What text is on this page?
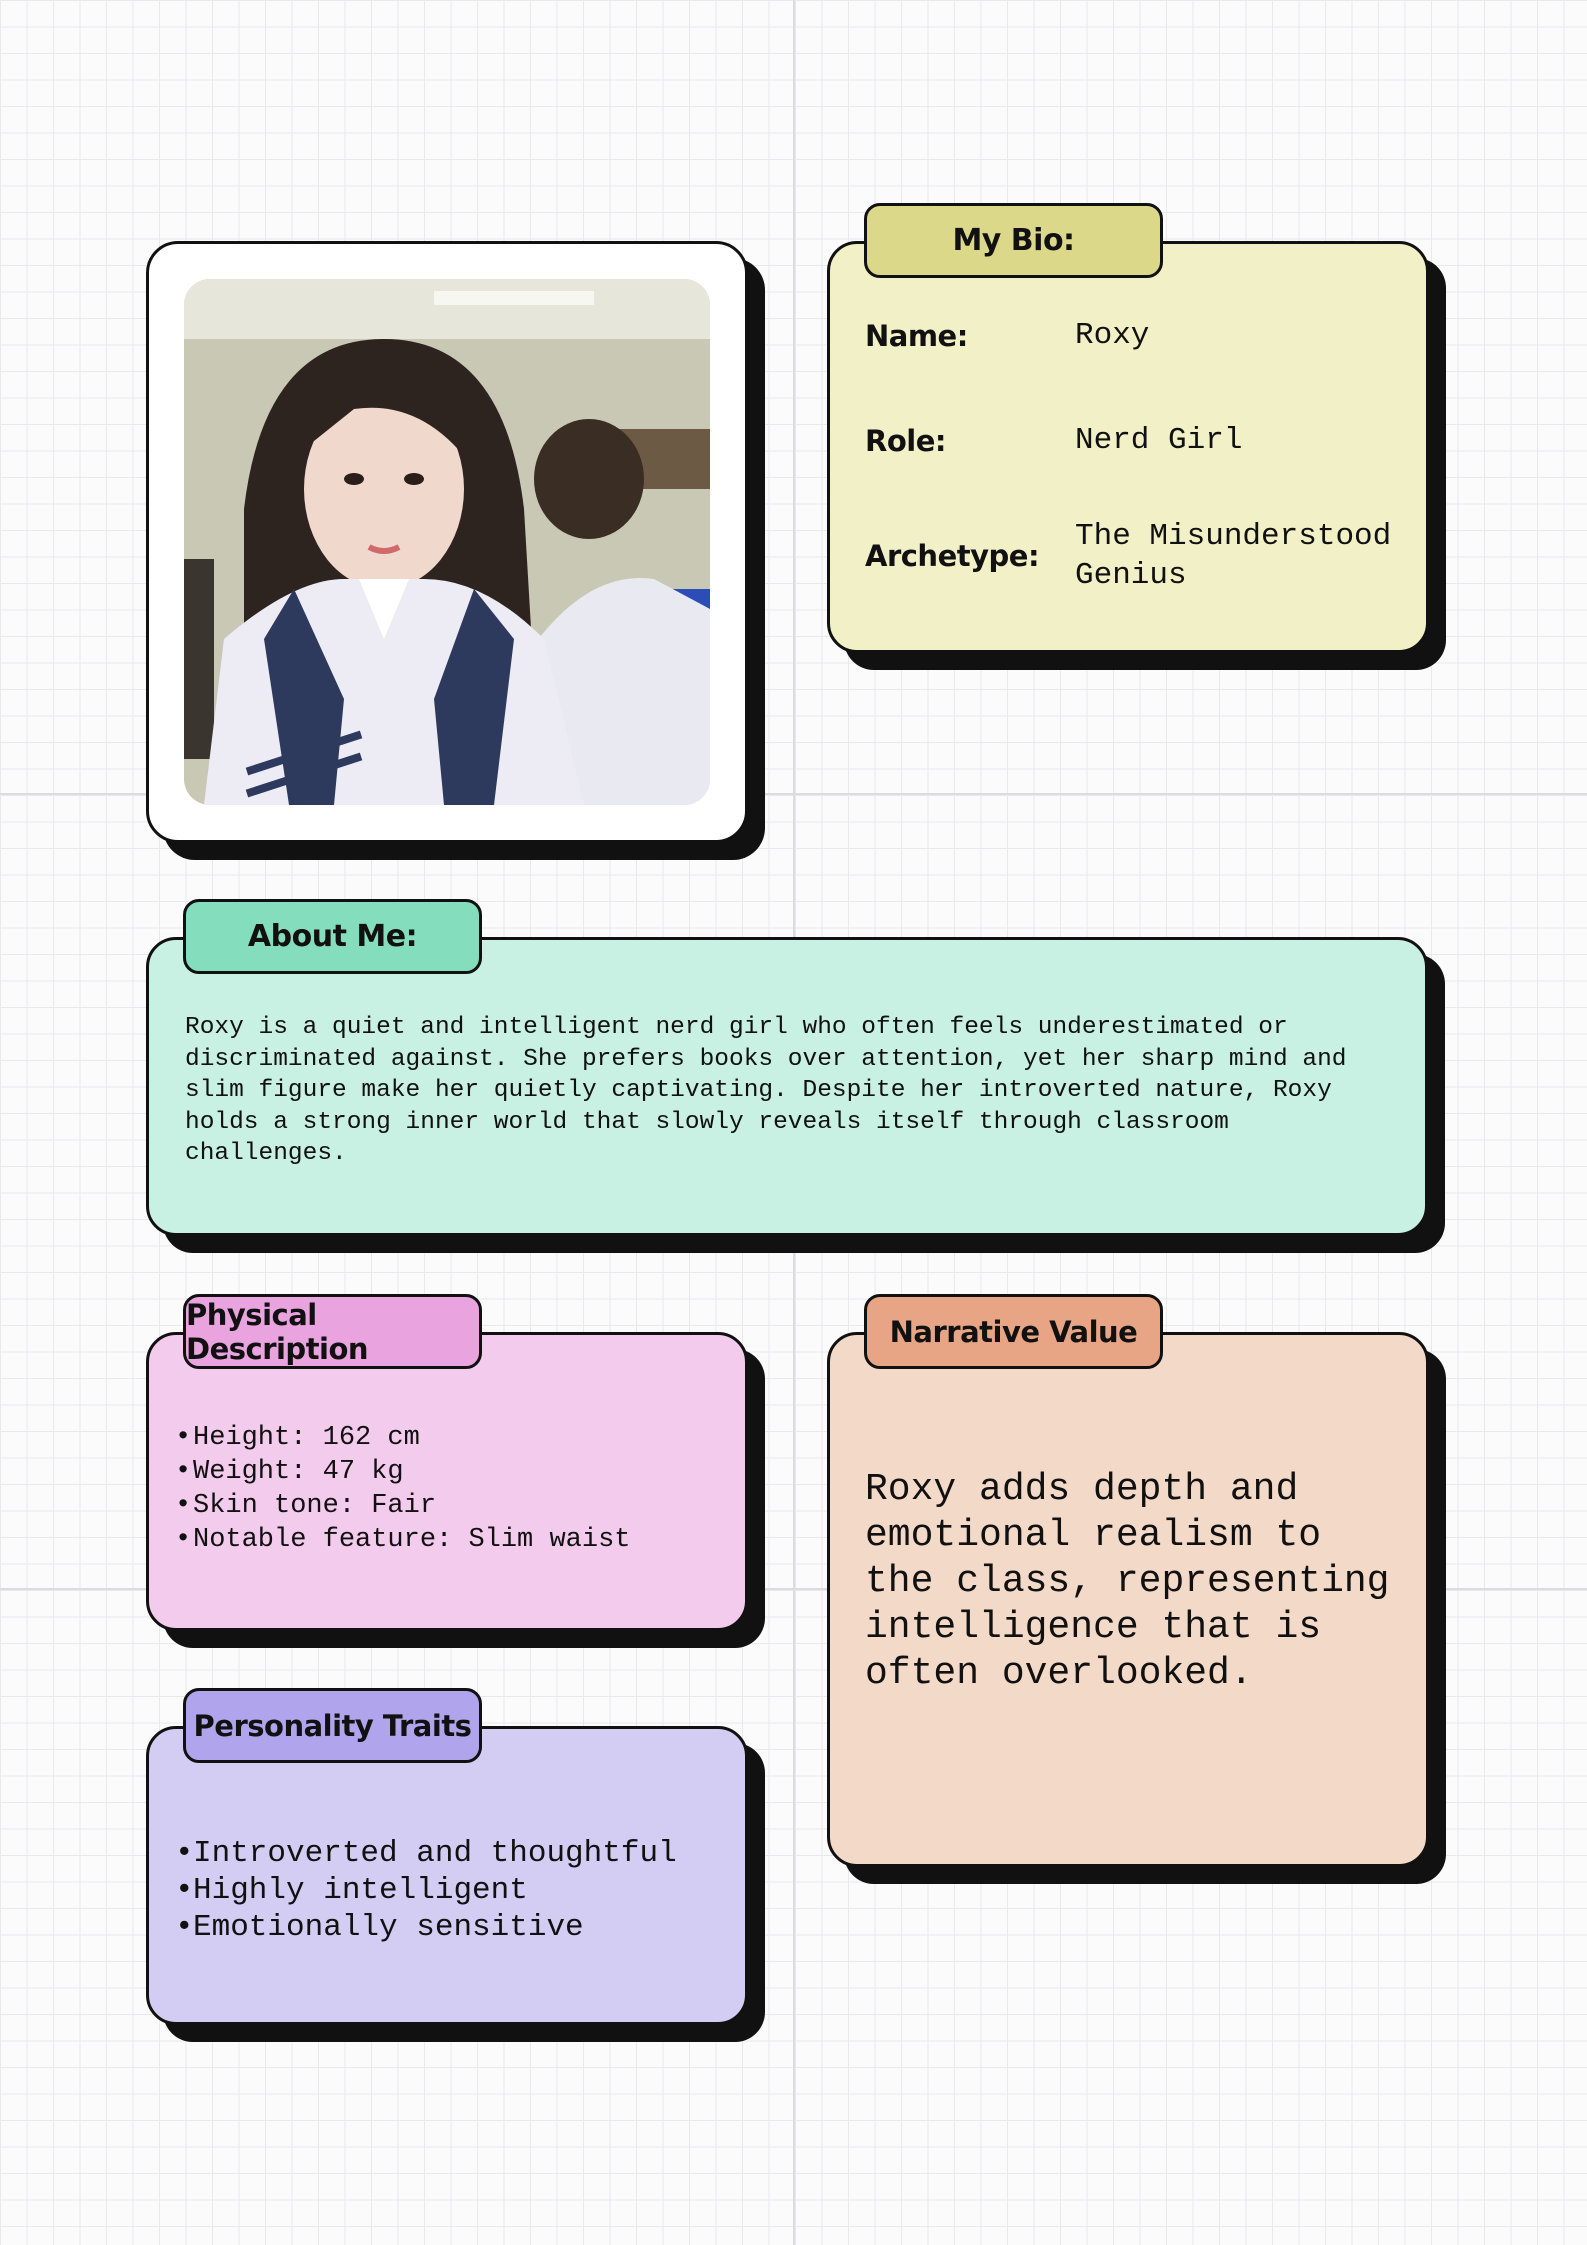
My Bio:
Name:	Roxy
Role:	Nerd Girl
Archetype:
The Misunderstood Genius
About Me:
Roxy is a quiet and intelligent nerd girl who often feels underestimated or discriminated against. She prefers books over attention, yet her sharp mind and slim figure make her quietly captivating. Despite her introverted nature, Roxy holds a strong inner world that slowly reveals itself through classroom challenges.
Physical Description
•Height: 162 cm
•Weight: 47 kg
•Skin tone: Fair
•Notable feature: Slim waist
Personality Traits
•Introverted and thoughtful
•Highly intelligent
•Emotionally sensitive
Narrative Value
Roxy adds depth and emotional realism to the class, representing intelligence that is often overlooked.
